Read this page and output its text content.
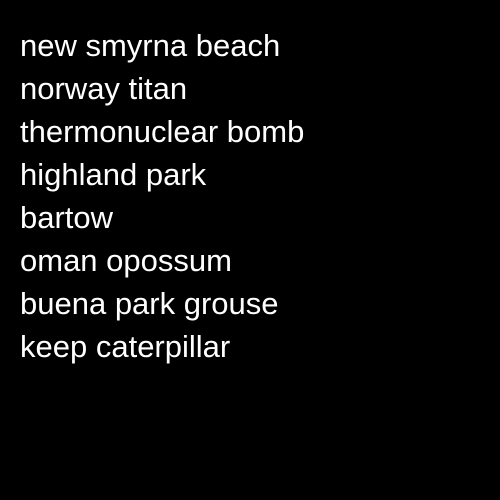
new smyrna beach
norway titan
thermonuclear bomb
highland park
bartow
oman opossum
buena park grouse
keep caterpillar
